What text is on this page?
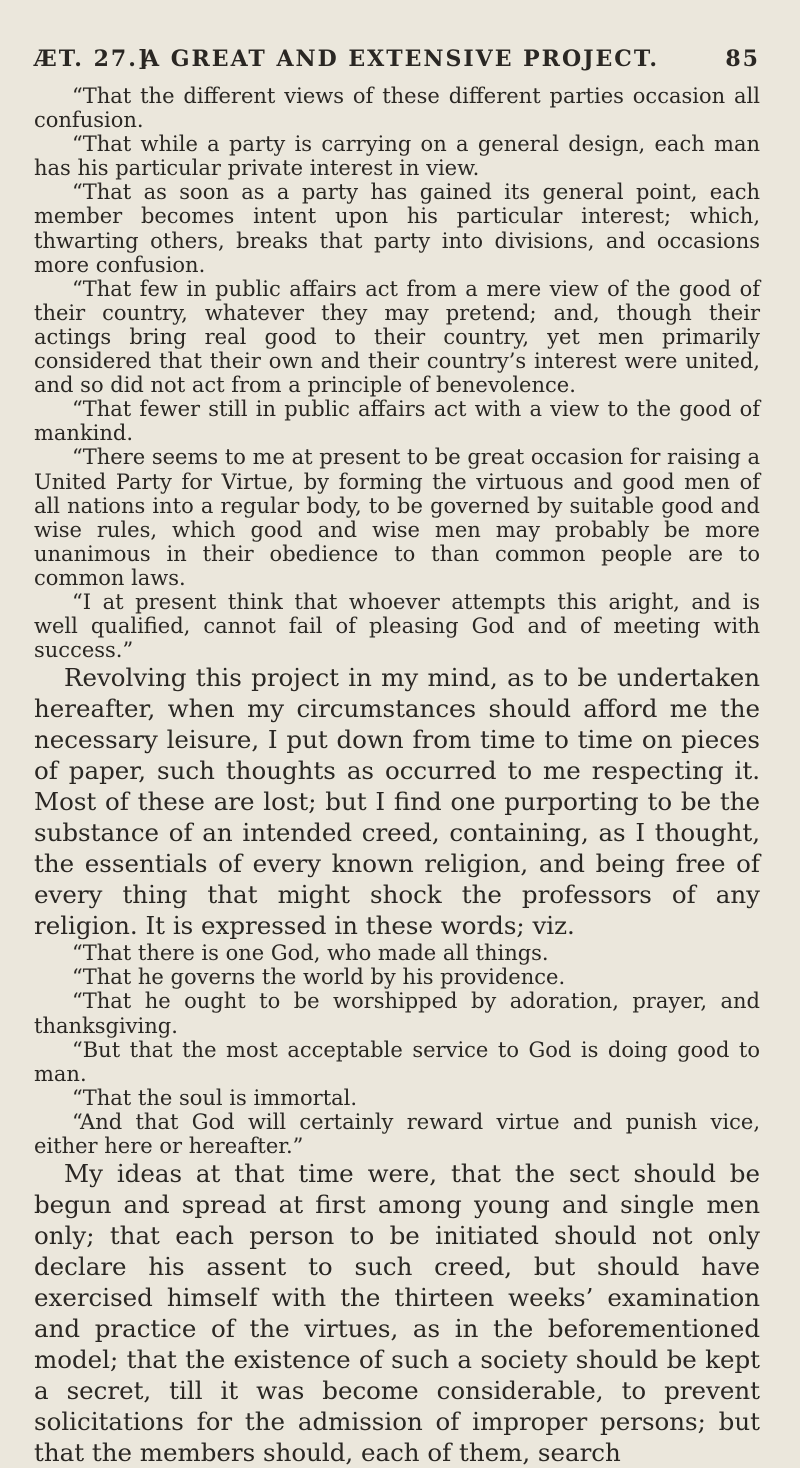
ÆT. 27.]
A GREAT AND EXTENSIVE PROJECT.	85

“That the different views of these different parties occasion all confusion.

“That while a party is carrying on a general design, each man has his particular private interest in view.

“That as soon as a party has gained its general point, each member becomes intent upon his particular interest; which, thwarting others, breaks that party into divisions, and occasions more confusion.

“That few in public affairs act from a mere view of the good of their country, whatever they may pretend; and, though their actings bring real good to their country, yet men primarily considered that their own and their country’s interest were united, and so did not act from a principle of benevolence.

“That fewer still in public affairs act with a view to the good of mankind.

“There seems to me at present to be great occasion for raising a United Party for Virtue, by forming the virtuous and good men of all nations into a regular body, to be governed by suitable good and wise rules, which good and wise men may probably be more unanimous in their obedience to than common people are to common laws.

“I at present think that whoever attempts this aright, and is well qualified, cannot fail of pleasing God and of meeting with success.”

Revolving this project in my mind, as to be undertaken hereafter, when my circumstances should afford me the necessary leisure, I put down from time to time on pieces of paper, such thoughts as occurred to me respecting it. Most of these are lost; but I find one purporting to be the substance of an intended creed, containing, as I thought, the essentials of every known religion, and being free of every thing that might shock the professors of any religion. It is expressed in these words; viz.

“That there is one God, who made all things.

“That he governs the world by his providence.

“That he ought to be worshipped by adoration, prayer, and thanksgiving.

“But that the most acceptable service to God is doing good to man.

“That the soul is immortal.

“And that God will certainly reward virtue and punish vice, either here or hereafter.”

My ideas at that time were, that the sect should be begun and spread at first among young and single men only; that each person to be initiated should not only declare his assent to such creed, but should have exercised himself with the thirteen weeks’ examination and practice of the virtues, as in the beforementioned model; that the existence of such a society should be kept a secret, till it was become considerable, to prevent solicitations for the admission of improper persons; but that the members should, each of them, search
